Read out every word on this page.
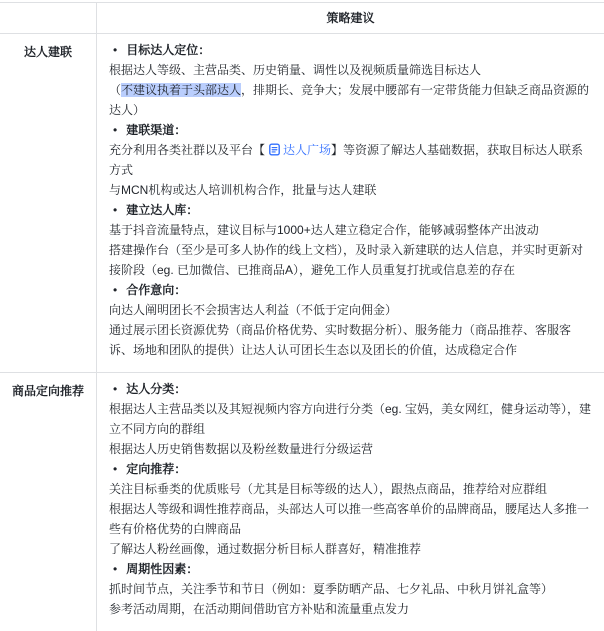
策略建议
达人建联	• 目标达人定位：
根据达人等级、主营品类、历史销量、调性以及视频质量筛选目标达人
（不建议执着于头部达人，排期长、竞争大；发展中腰部有一定带货能力但缺乏商品资源的达人）
• 建联渠道：
充分利用各类社群以及平台【 达人广场】等资源了解达人基础数据，获取目标达人联系方式
与MCN机构或达人培训机构合作，批量与达人建联
• 建立达人库：
基于抖音流量特点，建议目标与1000+达人建立稳定合作，能够减弱整体产出波动
搭建操作台（至少是可多人协作的线上文档），及时录入新建联的达人信息，并实时更新对接阶段（eg. 已加微信、已推商品A），避免工作人员重复打扰或信息差的存在
• 合作意向：
向达人阐明团长不会损害达人利益（不低于定向佣金）
通过展示团长资源优势（商品价格优势、实时数据分析）、服务能力（商品推荐、客服客诉、场地和团队的提供）让达人认可团长生态以及团长的价值，达成稳定合作
商品定向推荐	• 达人分类：
根据达人主营品类以及其短视频内容方向进行分类（eg. 宝妈，美女网红，健身运动等），建立不同方向的群组
根据达人历史销售数据以及粉丝数量进行分级运营
• 定向推荐：
关注目标垂类的优质账号（尤其是目标等级的达人），跟热点商品，推荐给对应群组
根据达人等级和调性推荐商品，头部达人可以推一些高客单价的品牌商品，腰尾达人多推一些有价格优势的白牌商品
了解达人粉丝画像，通过数据分析目标人群喜好，精准推荐
• 周期性因素：
抓时间节点，关注季节和节日（例如：夏季防晒产品、七夕礼品、中秋月饼礼盒等）
参考活动周期，在活动期间借助官方补贴和流量重点发力
